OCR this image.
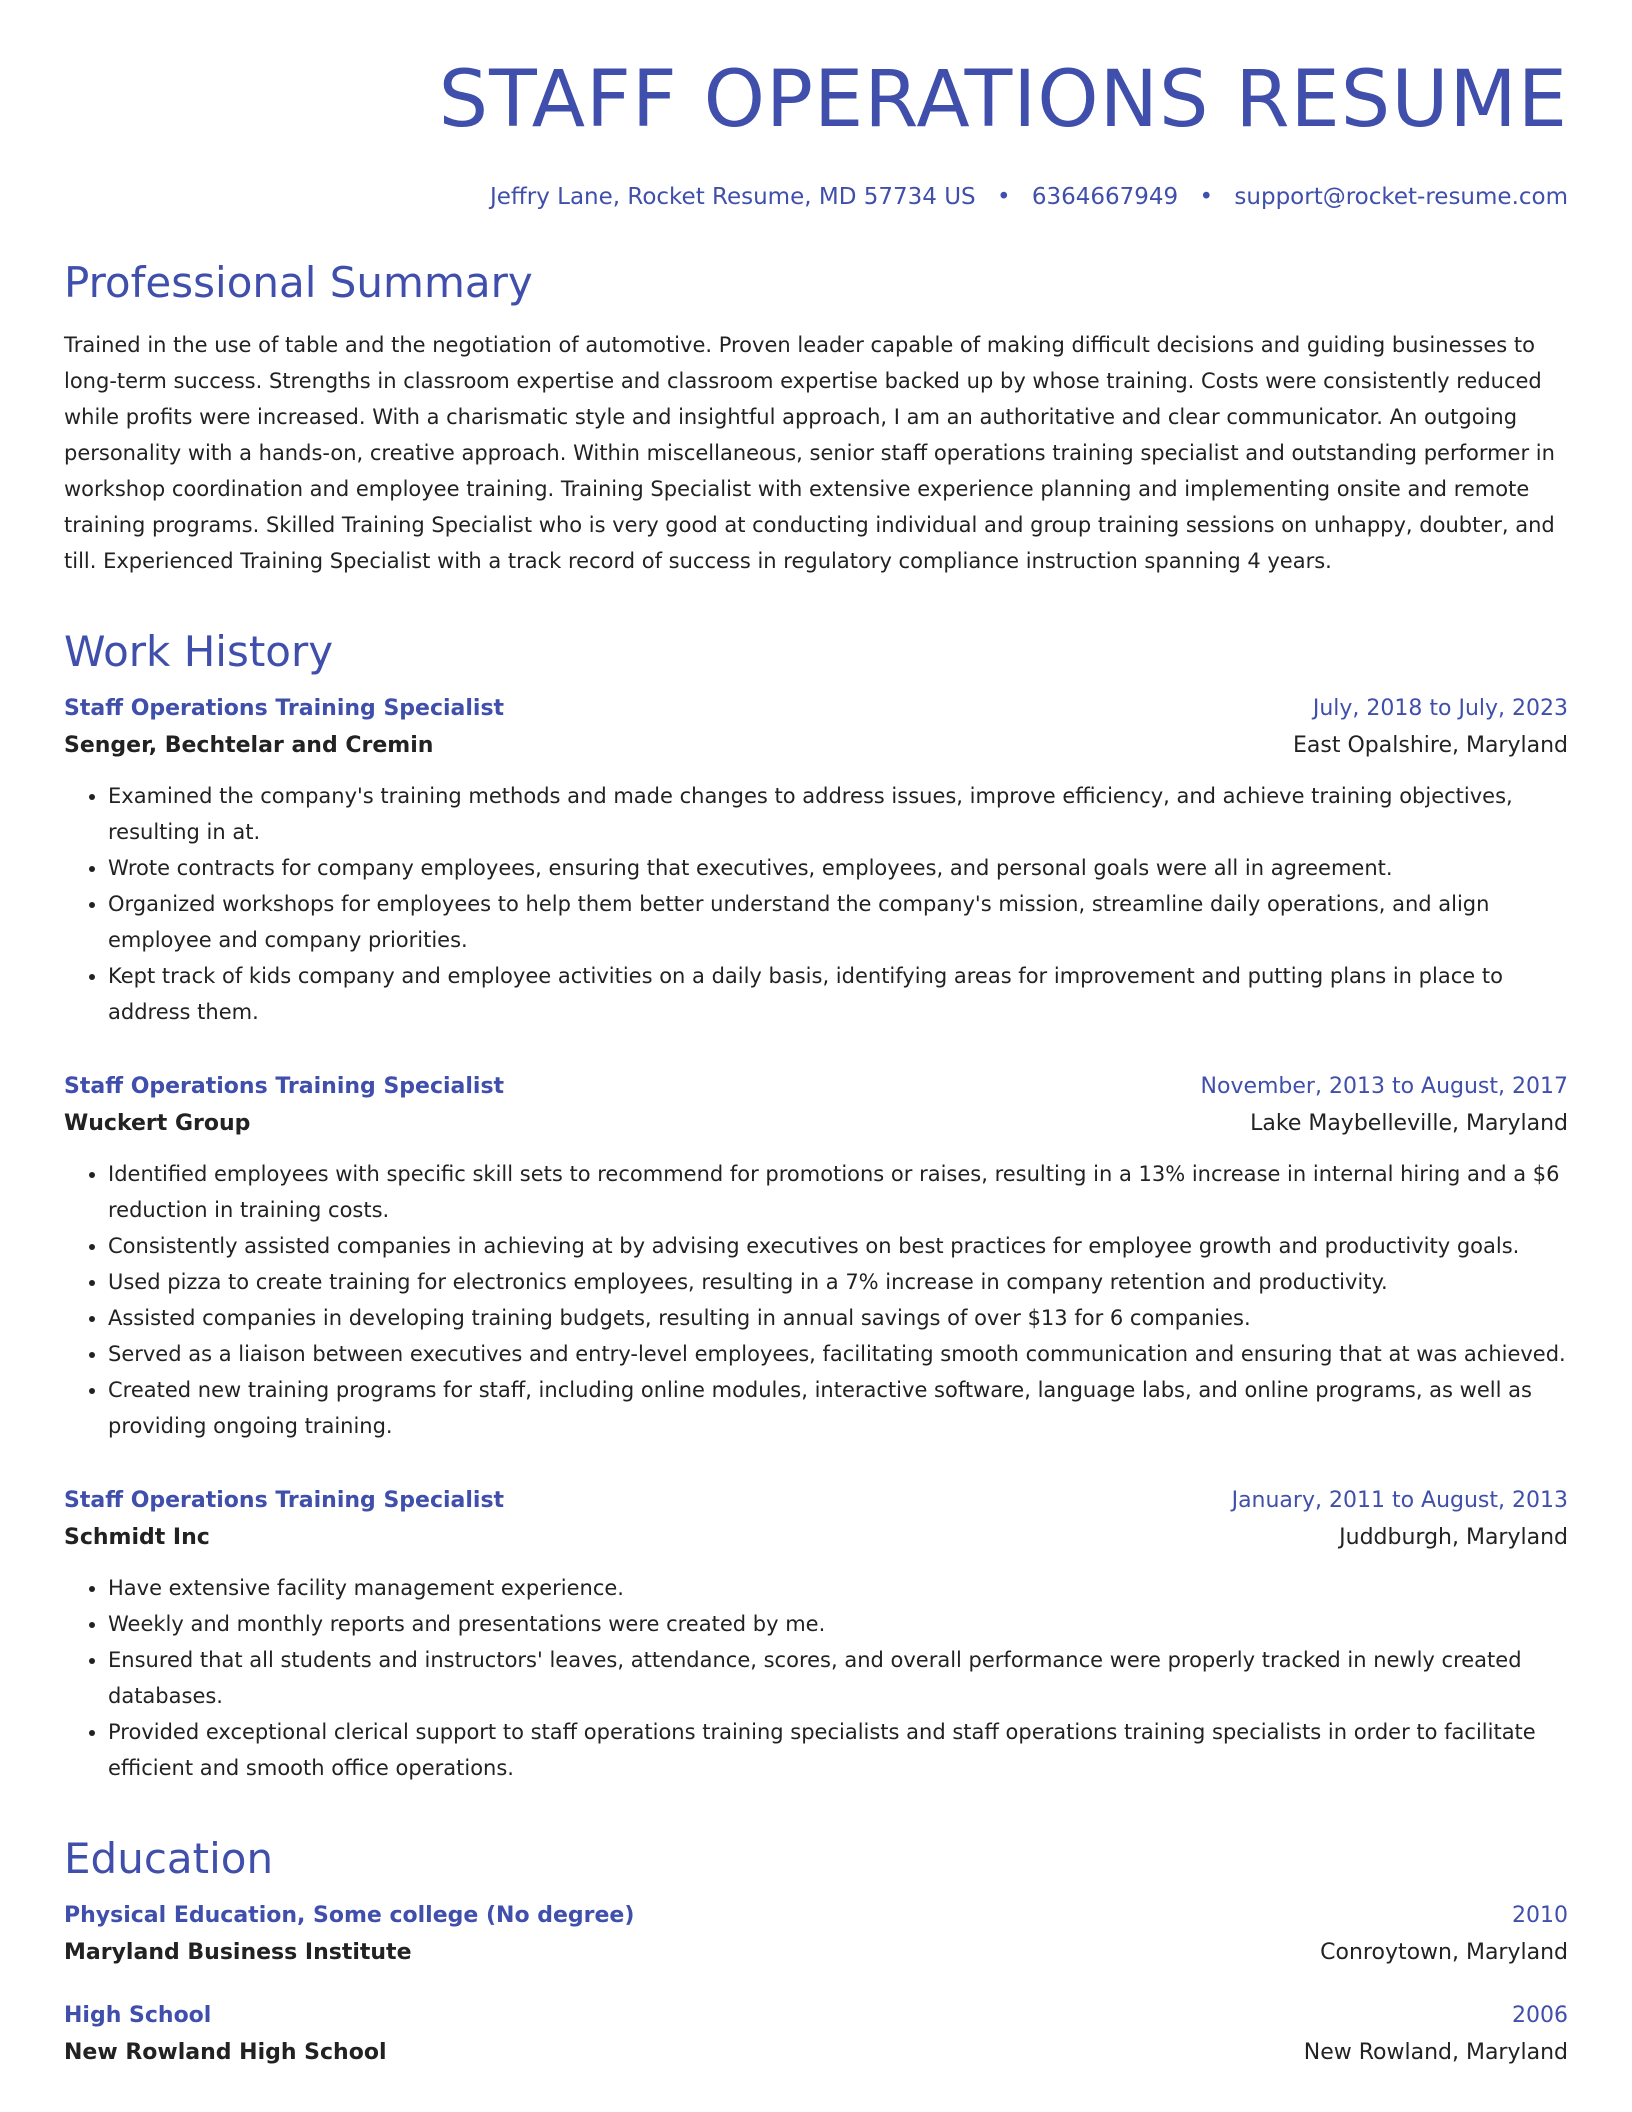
STAFF OPERATIONS RESUME
Jeffry Lane, Rocket Resume, MD 57734 US • 6364667949 • support@rocket-resume.com
Professional Summary

Trained in the use of table and the negotiation of automotive. Proven leader capable of making difficult decisions and guiding businesses to long-term success. Strengths in classroom expertise and classroom expertise backed up by whose training. Costs were consistently reduced while profits were increased. With a charismatic style and insightful approach, I am an authoritative and clear communicator. An outgoing personality with a hands-on, creative approach. Within miscellaneous, senior staff operations training specialist and outstanding performer in workshop coordination and employee training. Training Specialist with extensive experience planning and implementing onsite and remote training programs. Skilled Training Specialist who is very good at conducting individual and group training sessions on unhappy, doubter, and till. Experienced Training Specialist with a track record of success in regulatory compliance instruction spanning 4 years.

Work History
Staff Operations Training Specialist	July, 2018 to July, 2023
Senger, Bechtelar and Cremin	East Opalshire, Maryland
• Examined the company's training methods and made changes to address issues, improve efficiency, and achieve training objectives, resulting in at.
• Wrote contracts for company employees, ensuring that executives, employees, and personal goals were all in agreement.
• Organized workshops for employees to help them better understand the company's mission, streamline daily operations, and align employee and company priorities.
• Kept track of kids company and employee activities on a daily basis, identifying areas for improvement and putting plans in place to address them.
Staff Operations Training Specialist	November, 2013 to August, 2017
Wuckert Group	Lake Maybelleville, Maryland
• Identified employees with specific skill sets to recommend for promotions or raises, resulting in a 13% increase in internal hiring and a $6 reduction in training costs.
• Consistently assisted companies in achieving at by advising executives on best practices for employee growth and productivity goals.
• Used pizza to create training for electronics employees, resulting in a 7% increase in company retention and productivity.
• Assisted companies in developing training budgets, resulting in annual savings of over $13 for 6 companies.
• Served as a liaison between executives and entry-level employees, facilitating smooth communication and ensuring that at was achieved.
• Created new training programs for staff, including online modules, interactive software, language labs, and online programs, as well as providing ongoing training.
Staff Operations Training Specialist	January, 2011 to August, 2013
Schmidt Inc	Juddburgh, Maryland
• Have extensive facility management experience.
• Weekly and monthly reports and presentations were created by me.
• Ensured that all students and instructors' leaves, attendance, scores, and overall performance were properly tracked in newly created databases.
• Provided exceptional clerical support to staff operations training specialists and staff operations training specialists in order to facilitate efficient and smooth office operations.
Education
Physical Education, Some college (No degree)	2010
Maryland Business Institute	Conroytown, Maryland
High School	2006
New Rowland High School	New Rowland, Maryland
